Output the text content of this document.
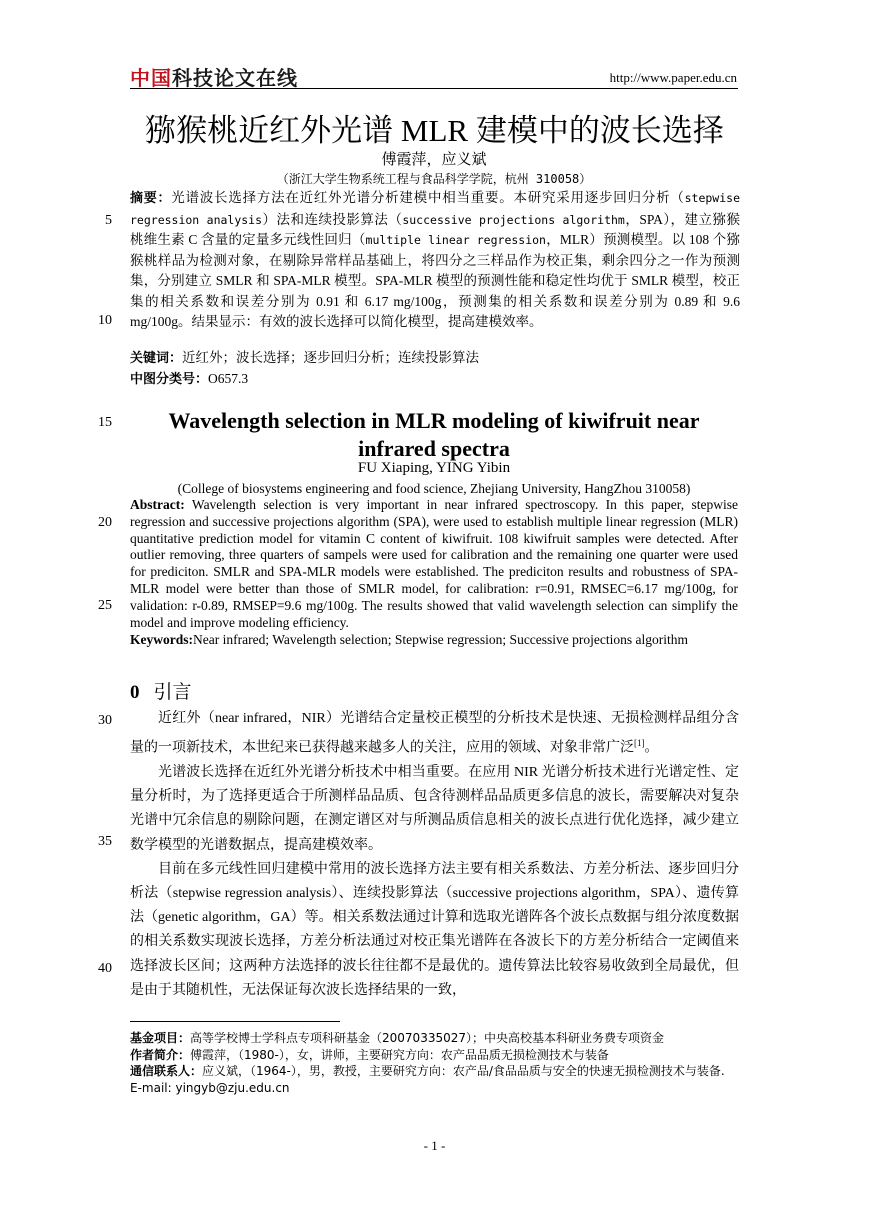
中国科技论文在线	http://www.paper.edu.cn
猕猴桃近红外光谱 MLR 建模中的波长选择
傅霞萍，应义斌
（浙江大学生物系统工程与食品科学学院，杭州 310058）
摘要：光谱波长选择方法在近红外光谱分析建模中相当重要。本研究采用逐步回归分析（stepwise regression analysis）法和连续投影算法（successive projections algorithm，SPA），建立猕猴桃维生素 C 含量的定量多元线性回归（multiple linear regression，MLR）预测模型。以 108 个猕猴桃样品为检测对象，在剔除异常样品基础上，将四分之三样品作为校正集，剩余四分之一作为预测集，分别建立 SMLR 和 SPA-MLR 模型。SPA-MLR 模型的预测性能和稳定性均优于 SMLR 模型，校正集的相关系数和误差分别为 0.91 和 6.17 mg/100g，预测集的相关系数和误差分别为 0.89 和 9.6 mg/100g。结果显示：有效的波长选择可以简化模型，提高建模效率。
关键词：近红外；波长选择；逐步回归分析；连续投影算法
中图分类号：O657.3
Wavelength selection in MLR modeling of kiwifruit near infrared spectra
FU Xiaping, YING Yibin
(College of biosystems engineering and food science, Zhejiang University, HangZhou 310058)
Abstract: Wavelength selection is very important in near infrared spectroscopy. In this paper, stepwise regression and successive projections algorithm (SPA), were used to establish multiple linear regression (MLR) quantitative prediction model for vitamin C content of kiwifruit. 108 kiwifruit samples were detected. After outlier removing, three quarters of sampels were used for calibration and the remaining one quarter were used for prediciton. SMLR and SPA-MLR models were established. The prediciton results and robustness of SPA-MLR model were better than those of SMLR model, for calibration: r=0.91, RMSEC=6.17 mg/100g, for validation: r-0.89, RMSEP=9.6 mg/100g. The results showed that valid wavelength selection can simplify the model and improve modeling efficiency.
Keywords:Near infrared; Wavelength selection; Stepwise regression; Successive projections algorithm
0 引言

近红外（near infrared，NIR）光谱结合定量校正模型的分析技术是快速、无损检测样品组分含量的一项新技术，本世纪来已获得越来越多人的关注，应用的领域、对象非常广泛[1]。

光谱波长选择在近红外光谱分析技术中相当重要。在应用 NIR 光谱分析技术进行光谱定性、定量分析时，为了选择更适合于所测样品品质、包含待测样品品质更多信息的波长，需要解决对复杂光谱中冗余信息的剔除问题，在测定谱区对与所测品质信息相关的波长点进行优化选择，减少建立数学模型的光谱数据点，提高建模效率。

目前在多元线性回归建模中常用的波长选择方法主要有相关系数法、方差分析法、逐步回归分析法（stepwise regression analysis）、连续投影算法（successive projections algorithm，SPA）、遗传算法（genetic algorithm，GA）等。相关系数法通过计算和选取光谱阵各个波长点数据与组分浓度数据的相关系数实现波长选择，方差分析法通过对校正集光谱阵在各波长下的方差分析结合一定阈值来选择波长区间；这两种方法选择的波长往往都不是最优的。遗传算法比较容易收敛到全局最优，但是由于其随机性，无法保证每次波长选择结果的一致，

5
10
15
20
25
30
35
40
基金项目：高等学校博士学科点专项科研基金（20070335027）；中央高校基本科研业务费专项资金
作者简介：傅霞萍，（1980-），女，讲师，主要研究方向：农产品品质无损检测技术与装备
通信联系人：应义斌，（1964-），男，教授，主要研究方向：农产品/食品品质与安全的快速无损检测技术与装备. E-mail: yingyb@zju.edu.cn
- 1 -
